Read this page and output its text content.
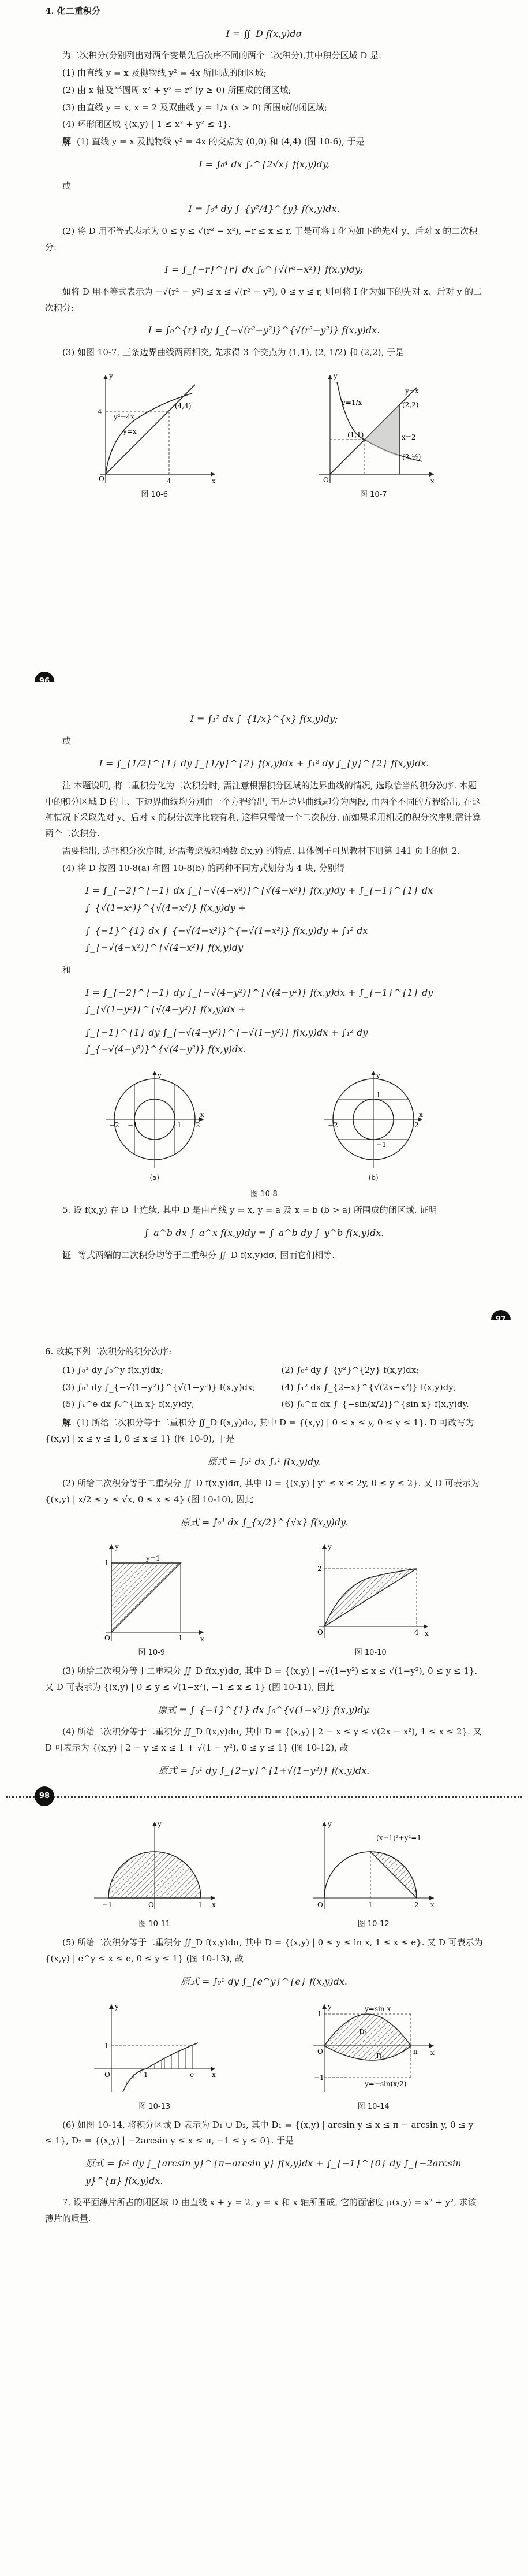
4. 化二重积分
I = ∬_D f(x,y)dσ
为二次积分(分别列出对两个变量先后次序不同的两个二次积分),其中积分区域 D 是:
(1) 由直线 y = x 及抛物线 y² = 4x 所围成的闭区域;
(2) 由 x 轴及半圆周 x² + y² = r² (y ≥ 0) 所围成的闭区域;
(3) 由直线 y = x, x = 2 及双曲线 y = 1/x (x > 0) 所围成的闭区域;
(4) 环形闭区域 {(x,y) | 1 ≤ x² + y² ≤ 4}.
解 (1) 直线 y = x 及抛物线 y² = 4x 的交点为 (0,0) 和 (4,4) (图 10-6), 于是
I = ∫₀⁴ dx ∫ₓ^{2√x} f(x,y)dy,
或
I = ∫₀⁴ dy ∫_{y²/4}^{y} f(x,y)dx.
(2) 将 D 用不等式表示为 0 ≤ y ≤ √(r² − x²), −r ≤ x ≤ r, 于是可将 I 化为如下的先对 y、后对 x 的二次积分:
I = ∫_{−r}^{r} dx ∫₀^{√(r²−x²)} f(x,y)dy;
如将 D 用不等式表示为 −√(r² − y²) ≤ x ≤ √(r² − y²), 0 ≤ y ≤ r, 则可将 I 化为如下的先对 x、后对 y 的二次积分:
I = ∫₀^{r} dy ∫_{−√(r²−y²)}^{√(r²−y²)} f(x,y)dx.
(3) 如图 10-7, 三条边界曲线两两相交, 先求得 3 个交点为 (1,1), (2, 1/2) 和 (2,2), 于是
O	x
y
4
4
(4,4)
y=x
y²=4x
图 10-6
O	x
y
(1,1)
(2,2)
(2,½)
y=1/x
y=x
x=2
图 10-7
I = ∫₁² dx ∫_{1/x}^{x} f(x,y)dy;
或
I = ∫_{1/2}^{1} dy ∫_{1/y}^{2} f(x,y)dx + ∫₁² dy ∫_{y}^{2} f(x,y)dx.
注 本题说明, 将二重积分化为二次积分时, 需注意根据积分区域的边界曲线的情况, 选取恰当的积分次序. 本题中的积分区域 D 的上、下边界曲线均分别由一个方程给出, 而左边界曲线却分为两段, 由两个不同的方程给出, 在这种情况下采取先对 y、后对 x 的积分次序比较有利, 这样只需做一个二次积分, 而如果采用相反的积分次序则需计算两个二次积分.
需要指出, 选择积分次序时, 还需考虑被积函数 f(x,y) 的特点. 具体例子可见教材下册第 141 页上的例 2.
(4) 将 D 按图 10-8(a) 和图 10-8(b) 的两种不同方式划分为 4 块, 分别得
I = ∫_{−2}^{−1} dx ∫_{−√(4−x²)}^{√(4−x²)} f(x,y)dy + ∫_{−1}^{1} dx ∫_{√(1−x²)}^{√(4−x²)} f(x,y)dy +
∫_{−1}^{1} dx ∫_{−√(4−x²)}^{−√(1−x²)} f(x,y)dy + ∫₁² dx ∫_{−√(4−x²)}^{√(4−x²)} f(x,y)dy
和
I = ∫_{−2}^{−1} dy ∫_{−√(4−y²)}^{√(4−y²)} f(x,y)dx + ∫_{−1}^{1} dy ∫_{√(1−y²)}^{√(4−y²)} f(x,y)dx +
∫_{−1}^{1} dy ∫_{−√(4−y²)}^{−√(1−y²)} f(x,y)dx + ∫₁² dy ∫_{−√(4−y²)}^{√(4−y²)} f(x,y)dx.
−2 −1	1 2
y
x
(a)
−2	2
1
−1
y
x
(b)
图 10-8
5. 设 f(x,y) 在 D 上连续, 其中 D 是由直线 y = x, y = a 及 x = b (b > a) 所围成的闭区域. 证明
∫_a^b dx ∫_a^x f(x,y)dy = ∫_a^b dy ∫_y^b f(x,y)dx.
证 等式两端的二次积分均等于二重积分 ∬_D f(x,y)dσ, 因而它们相等.
6. 改换下列二次积分的积分次序:
(1) ∫₀¹ dy ∫₀^y f(x,y)dx;
(3) ∫₀¹ dy ∫_{−√(1−y²)}^{√(1−y²)} f(x,y)dx;
(5) ∫₁^e dx ∫₀^{ln x} f(x,y)dy;
(2) ∫₀² dy ∫_{y²}^{2y} f(x,y)dx;
(4) ∫₁² dx ∫_{2−x}^{√(2x−x²)} f(x,y)dy;
(6) ∫₀^π dx ∫_{−sin(x/2)}^{sin x} f(x,y)dy.
解 (1) 所给二次积分等于二重积分 ∬_D f(x,y)dσ, 其中 D = {(x,y) | 0 ≤ x ≤ y, 0 ≤ y ≤ 1}. D 可改写为 {(x,y) | x ≤ y ≤ 1, 0 ≤ x ≤ 1} (图 10-9), 于是
原式 = ∫₀¹ dx ∫ₓ¹ f(x,y)dy.
(2) 所给二次积分等于二重积分 ∬_D f(x,y)dσ, 其中 D = {(x,y) | y² ≤ x ≤ 2y, 0 ≤ y ≤ 2}. 又 D 可表示为 {(x,y) | x/2 ≤ y ≤ √x, 0 ≤ x ≤ 4} (图 10-10), 因此
原式 = ∫₀⁴ dx ∫_{x/2}^{√x} f(x,y)dy.
O	1
1
x
y
y=1
图 10-9
O
2
4 x
y
图 10-10
(3) 所给二次积分等于二重积分 ∬_D f(x,y)dσ, 其中 D = {(x,y) | −√(1−y²) ≤ x ≤ √(1−y²), 0 ≤ y ≤ 1}. 又 D 可表示为 {(x,y) | 0 ≤ y ≤ √(1−x²), −1 ≤ x ≤ 1} (图 10-11), 因此
原式 = ∫_{−1}^{1} dx ∫₀^{√(1−x²)} f(x,y)dy.
(4) 所给二次积分等于二重积分 ∬_D f(x,y)dσ, 其中 D = {(x,y) | 2 − x ≤ y ≤ √(2x − x²), 1 ≤ x ≤ 2}. 又 D 可表示为 {(x,y) | 2 − y ≤ x ≤ 1 + √(1 − y²), 0 ≤ y ≤ 1} (图 10-12), 故
原式 = ∫₀¹ dy ∫_{2−y}^{1+√(1−y²)} f(x,y)dx.
98
−1	1
O	x
y
图 10-11
O	1	2 x
y
(x−1)²+y²=1
图 10-12
(5) 所给二次积分等于二重积分 ∬_D f(x,y)dσ, 其中 D = {(x,y) | 0 ≤ y ≤ ln x, 1 ≤ x ≤ e}. 又 D 可表示为 {(x,y) | e^y ≤ x ≤ e, 0 ≤ y ≤ 1} (图 10-13), 故
原式 = ∫₀¹ dy ∫_{e^y}^{e} f(x,y)dx.
O	1	e
1
x
y
图 10-13
O
1
−1
π x
y	y=sin x
y=−sin(x/2)
D₁
D₂
图 10-14
(6) 如图 10-14, 将积分区域 D 表示为 D₁ ∪ D₂, 其中 D₁ = {(x,y) | arcsin y ≤ x ≤ π − arcsin y, 0 ≤ y ≤ 1}, D₂ = {(x,y) | −2arcsin y ≤ x ≤ π, −1 ≤ y ≤ 0}. 于是
原式 = ∫₀¹ dy ∫_{arcsin y}^{π−arcsin y} f(x,y)dx + ∫_{−1}^{0} dy ∫_{−2arcsin y}^{π} f(x,y)dx.
7. 设平面薄片所占的闭区域 D 由直线 x + y = 2, y = x 和 x 轴所围成, 它的面密度 μ(x,y) = x² + y², 求该薄片的质量.
